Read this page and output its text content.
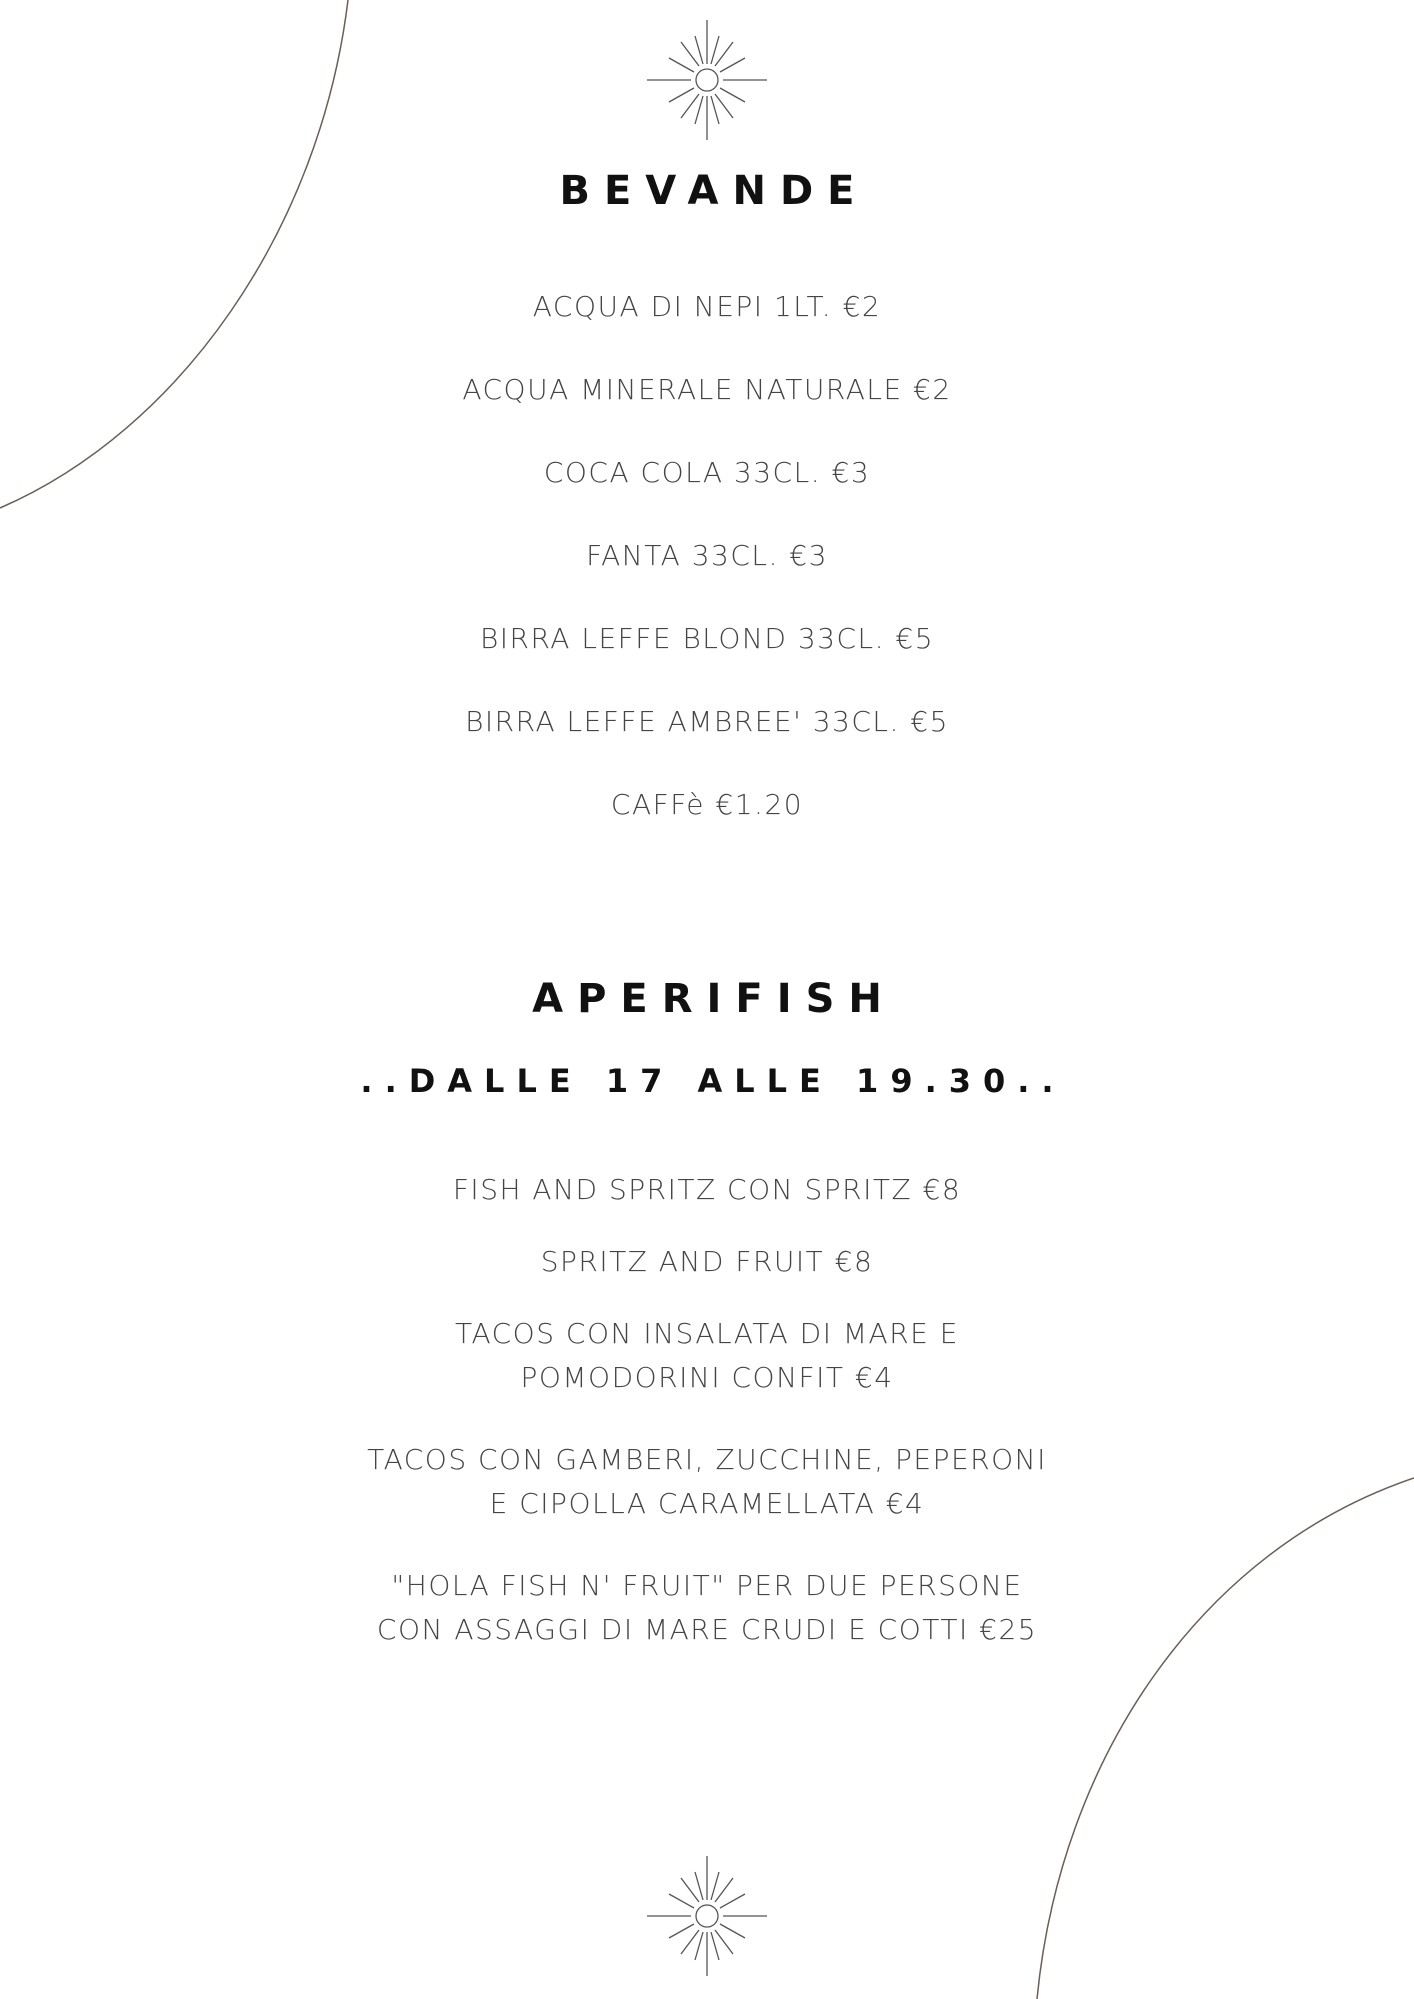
BEVANDE
ACQUA DI NEPI 1LT. €2
ACQUA MINERALE NATURALE €2
COCA COLA 33CL. €3
FANTA 33CL. €3
BIRRA LEFFE BLOND 33CL. €5
BIRRA LEFFE AMBREE' 33CL. €5
CAFFè €1.20
APERIFISH
..DALLE 17 ALLE 19.30..
FISH AND SPRITZ CON SPRITZ €8
SPRITZ AND FRUIT €8
TACOS CON INSALATA DI MARE E POMODORINI CONFIT €4
TACOS CON GAMBERI, ZUCCHINE, PEPERONI E CIPOLLA CARAMELLATA €4
"HOLA FISH N' FRUIT" PER DUE PERSONE CON ASSAGGI DI MARE CRUDI E COTTI €25
